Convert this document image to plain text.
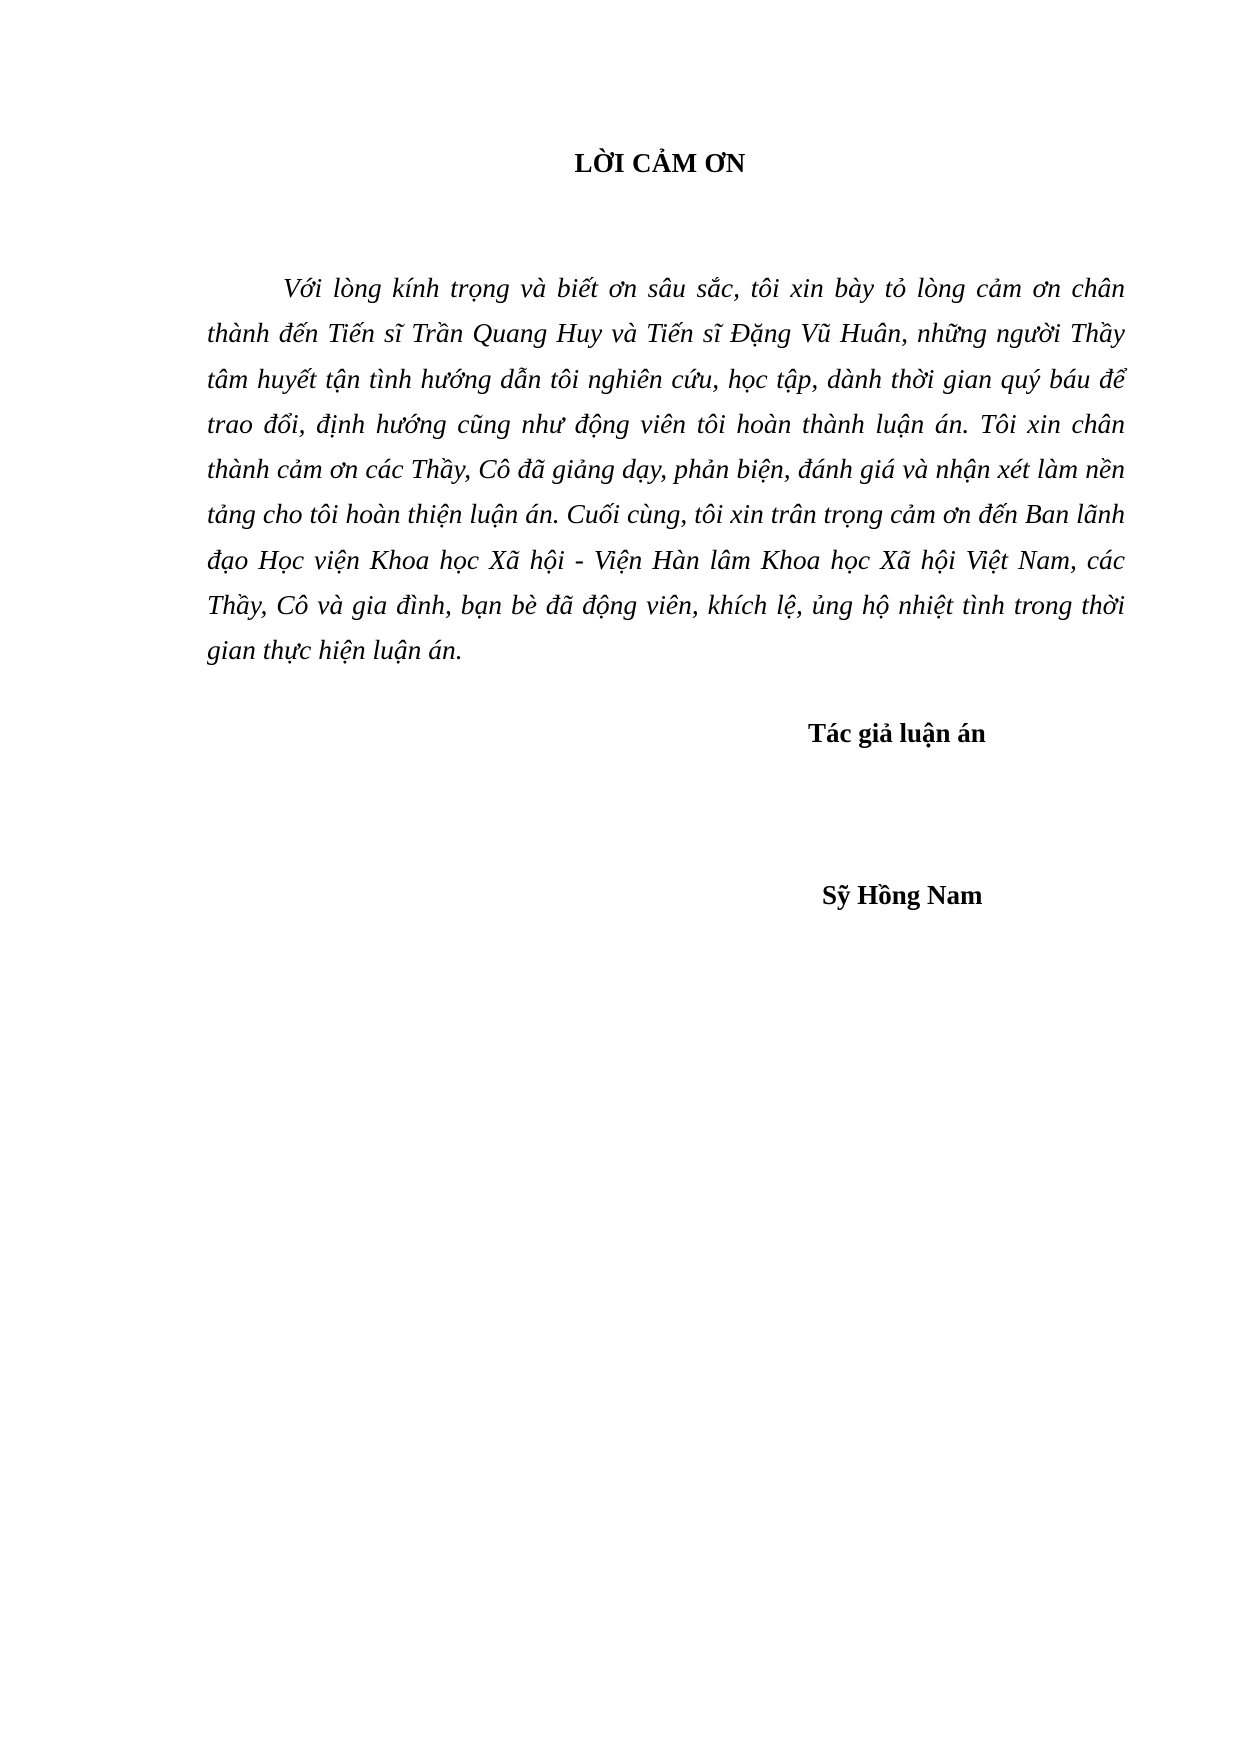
LỜI CẢM ƠN

Với lòng kính trọng và biết ơn sâu sắc, tôi xin bày tỏ lòng cảm ơn chân thành đến Tiến sĩ Trần Quang Huy và Tiến sĩ Đặng Vũ Huân, những người Thầy tâm huyết tận tình hướng dẫn tôi nghiên cứu, học tập, dành thời gian quý báu để trao đổi, định hướng cũng như động viên tôi hoàn thành luận án. Tôi xin chân thành cảm ơn các Thầy, Cô đã giảng dạy, phản biện, đánh giá và nhận xét làm nền tảng cho tôi hoàn thiện luận án. Cuối cùng, tôi xin trân trọng cảm ơn đến Ban lãnh đạo Học viện Khoa học Xã hội - Viện Hàn lâm Khoa học Xã hội Việt Nam, các Thầy, Cô và gia đình, bạn bè đã động viên, khích lệ, ủng hộ nhiệt tình trong thời gian thực hiện luận án.

Tác giả luận án

Sỹ Hồng Nam
